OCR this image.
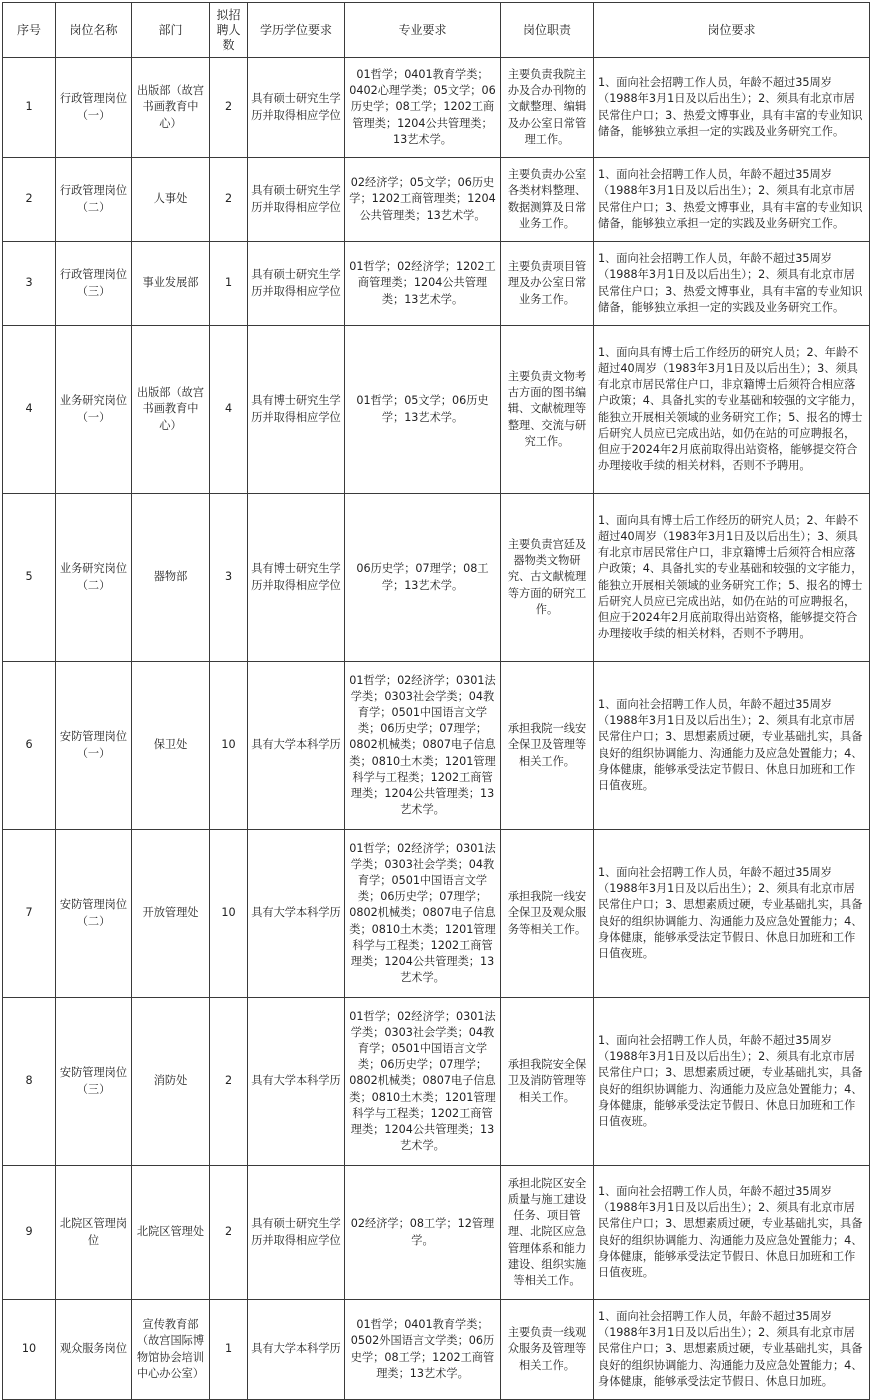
序号	岗位名称	部门	拟招聘人数	学历学位要求	专业要求	岗位职责	岗位要求
1	行政管理岗位（一）	出版部（故宫书画教育中心）	2	具有硕士研究生学历并取得相应学位	01哲学；0401教育学类；0402心理学类；05文学；06历史学；08工学；1202工商管理类；1204公共管理类；13艺术学。	主要负责我院主办及合办刊物的文献整理、编辑及办公室日常管理工作。	1、面向社会招聘工作人员，年龄不超过35周岁（1988年3月1日及以后出生）；2、须具有北京市居民常住户口；3、热爱文博事业，具有丰富的专业知识储备，能够独立承担一定的实践及业务研究工作。
2	行政管理岗位（二）	人事处	2	具有硕士研究生学历并取得相应学位	02经济学；05文学；06历史学；1202工商管理类；1204公共管理类；13艺术学。	主要负责办公室各类材料整理、数据测算及日常业务工作。	1、面向社会招聘工作人员，年龄不超过35周岁（1988年3月1日及以后出生）；2、须具有北京市居民常住户口；3、热爱文博事业，具有丰富的专业知识储备，能够独立承担一定的实践及业务研究工作。
3	行政管理岗位（三）	事业发展部	1	具有硕士研究生学历并取得相应学位	01哲学；02经济学；1202工商管理类；1204公共管理类；13艺术学。	主要负责项目管理及办公室日常业务工作。	1、面向社会招聘工作人员，年龄不超过35周岁（1988年3月1日及以后出生）；2、须具有北京市居民常住户口；3、热爱文博事业，具有丰富的专业知识储备，能够独立承担一定的实践及业务研究工作。
4	业务研究岗位（一）	出版部（故宫书画教育中心）	4	具有博士研究生学历并取得相应学位	01哲学；05文学；06历史学；13艺术学。	主要负责文物考古方面的图书编辑、文献梳理等整理、交流与研究工作。	1、面向具有博士后工作经历的研究人员；2、年龄不超过40周岁（1983年3月1日及以后出生）；3、须具有北京市居民常住户口，非京籍博士后须符合相应落户政策；4、具备扎实的专业基础和较强的文字能力，能独立开展相关领域的业务研究工作；5、报名的博士后研究人员应已完成出站，如仍在站的可应聘报名，但应于2024年2月底前取得出站资格，能够提交符合办理接收手续的相关材料，否则不予聘用。
5	业务研究岗位（二）	器物部	3	具有博士研究生学历并取得相应学位	06历史学；07理学；08工学；13艺术学。	主要负责宫廷及器物类文物研究、古文献梳理等方面的研究工作。	1、面向具有博士后工作经历的研究人员；2、年龄不超过40周岁（1983年3月1日及以后出生）；3、须具有北京市居民常住户口，非京籍博士后须符合相应落户政策；4、具备扎实的专业基础和较强的文字能力，能独立开展相关领域的业务研究工作；5、报名的博士后研究人员应已完成出站，如仍在站的可应聘报名，但应于2024年2月底前取得出站资格，能够提交符合办理接收手续的相关材料，否则不予聘用。
6	安防管理岗位（一）	保卫处	10	具有大学本科学历	01哲学；02经济学；0301法学类；0303社会学类；04教育学；0501中国语言文学类；06历史学；07理学；0802机械类；0807电子信息类；0810土木类；1201管理科学与工程类；1202工商管理类；1204公共管理类；13艺术学。	承担我院一线安全保卫及管理等相关工作。	1、面向社会招聘工作人员，年龄不超过35周岁（1988年3月1日及以后出生）；2、须具有北京市居民常住户口；3、思想素质过硬，专业基础扎实，具备良好的组织协调能力、沟通能力及应急处置能力；4、身体健康，能够承受法定节假日、休息日加班和工作日值夜班。
7	安防管理岗位（二）	开放管理处	10	具有大学本科学历	01哲学；02经济学；0301法学类；0303社会学类；04教育学；0501中国语言文学类；06历史学；07理学；0802机械类；0807电子信息类；0810土木类；1201管理科学与工程类；1202工商管理类；1204公共管理类；13艺术学。	承担我院一线安全保卫及观众服务等相关工作。	1、面向社会招聘工作人员，年龄不超过35周岁（1988年3月1日及以后出生）；2、须具有北京市居民常住户口；3、思想素质过硬，专业基础扎实，具备良好的组织协调能力、沟通能力及应急处置能力；4、身体健康，能够承受法定节假日、休息日加班和工作日值夜班。
8	安防管理岗位（三）	消防处	2	具有大学本科学历	01哲学；02经济学；0301法学类；0303社会学类；04教育学；0501中国语言文学类；06历史学；07理学；0802机械类；0807电子信息类；0810土木类；1201管理科学与工程类；1202工商管理类；1204公共管理类；13艺术学。	承担我院安全保卫及消防管理等相关工作。	1、面向社会招聘工作人员，年龄不超过35周岁（1988年3月1日及以后出生）；2、须具有北京市居民常住户口；3、思想素质过硬，专业基础扎实，具备良好的组织协调能力、沟通能力及应急处置能力；4、身体健康，能够承受法定节假日、休息日加班和工作日值夜班。
9	北院区管理岗位	北院区管理处	2	具有硕士研究生学历并取得相应学位	02经济学；08工学；12管理学。	承担北院区安全质量与施工建设任务、项目管理、北院区应急管理体系和能力建设、组织实施等相关工作。	1、面向社会招聘工作人员，年龄不超过35周岁（1988年3月1日及以后出生）；2、须具有北京市居民常住户口；3、思想素质过硬，专业基础扎实，具备良好的组织协调能力、沟通能力及应急处置能力；4、身体健康，能够承受法定节假日、休息日加班和工作日值夜班。
10	观众服务岗位	宣传教育部（故宫国际博物馆协会培训中心办公室）	1	具有大学本科学历	01哲学；0401教育学类；0502外国语言文学类；06历史学；08工学；1202工商管理类；13艺术学。	主要负责一线观众服务及管理等相关工作。	1、面向社会招聘工作人员，年龄不超过35周岁（1988年3月1日及以后出生）；2、须具有北京市居民常住户口；3、思想素质过硬，专业基础扎实，具备良好的组织协调能力、沟通能力及应急处置能力；4、身体健康，能够承受法定节假日、休息日加班。
